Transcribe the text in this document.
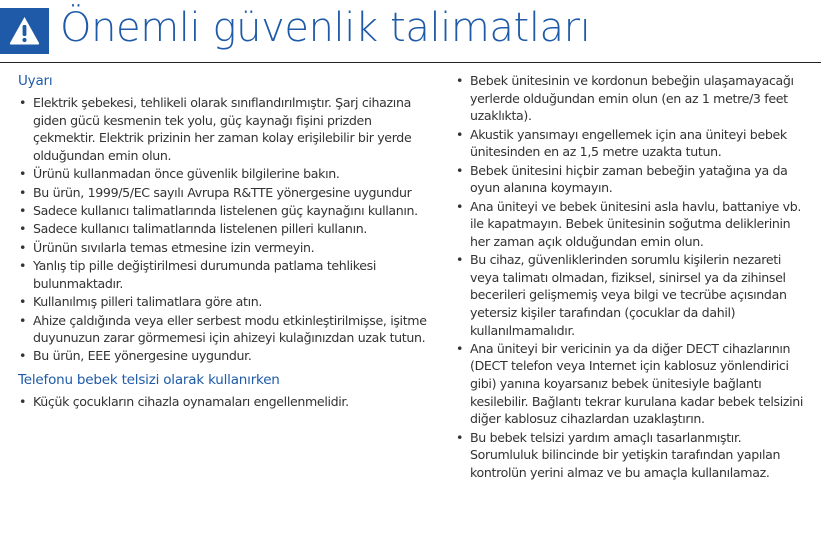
Önemli güvenlik talimatları
Uyarı
• Elektrik şebekesi, tehlikeli olarak sınıflandırılmıştır. Şarj cihazına giden gücü kesmenin tek yolu, güç kaynağı fişini prizden çekmektir. Elektrik prizinin her zaman kolay erişilebilir bir yerde olduğundan emin olun.
• Ürünü kullanmadan önce güvenlik bilgilerine bakın.
• Bu ürün, 1999/5/EC sayılı Avrupa R&TTE yönergesine uygundur
• Sadece kullanıcı talimatlarında listelenen güç kaynağını kullanın.
• Sadece kullanıcı talimatlarında listelenen pilleri kullanın.
• Ürünün sıvılarla temas etmesine izin vermeyin.
• Yanlış tip pille değiştirilmesi durumunda patlama tehlikesi bulunmaktadır.
• Kullanılmış pilleri talimatlara göre atın.
• Ahize çaldığında veya eller serbest modu etkinleştirilmişse, işitme duyunuzun zarar görmemesi için ahizeyi kulağınızdan uzak tutun.
• Bu ürün, EEE yönergesine uygundur.
Telefonu bebek telsizi olarak kullanırken
• Küçük çocukların cihazla oynamaları engellenmelidir.
• Bebek ünitesinin ve kordonun bebeğin ulaşamayacağı yerlerde olduğundan emin olun (en az 1 metre/3 feet uzaklıkta).
• Akustik yansımayı engellemek için ana üniteyi bebek ünitesinden en az 1,5 metre uzakta tutun.
• Bebek ünitesini hiçbir zaman bebeğin yatağına ya da oyun alanına koymayın.
• Ana üniteyi ve bebek ünitesini asla havlu, battaniye vb. ile kapatmayın. Bebek ünitesinin soğutma deliklerinin her zaman açık olduğundan emin olun.
• Bu cihaz, güvenliklerinden sorumlu kişilerin nezareti veya talimatı olmadan, fiziksel, sinirsel ya da zihinsel becerileri gelişmemiş veya bilgi ve tecrübe açısından yetersiz kişiler tarafından (çocuklar da dahil) kullanılmamalıdır.
• Ana üniteyi bir vericinin ya da diğer DECT cihazlarının (DECT telefon veya Internet için kablosuz yönlendirici gibi) yanına koyarsanız bebek ünitesiyle bağlantı kesilebilir. Bağlantı tekrar kurulana kadar bebek telsizini diğer kablosuz cihazlardan uzaklaştırın.
• Bu bebek telsizi yardım amaçlı tasarlanmıştır. Sorumluluk bilincinde bir yetişkin tarafından yapılan kontrolün yerini almaz ve bu amaçla kullanılamaz.
